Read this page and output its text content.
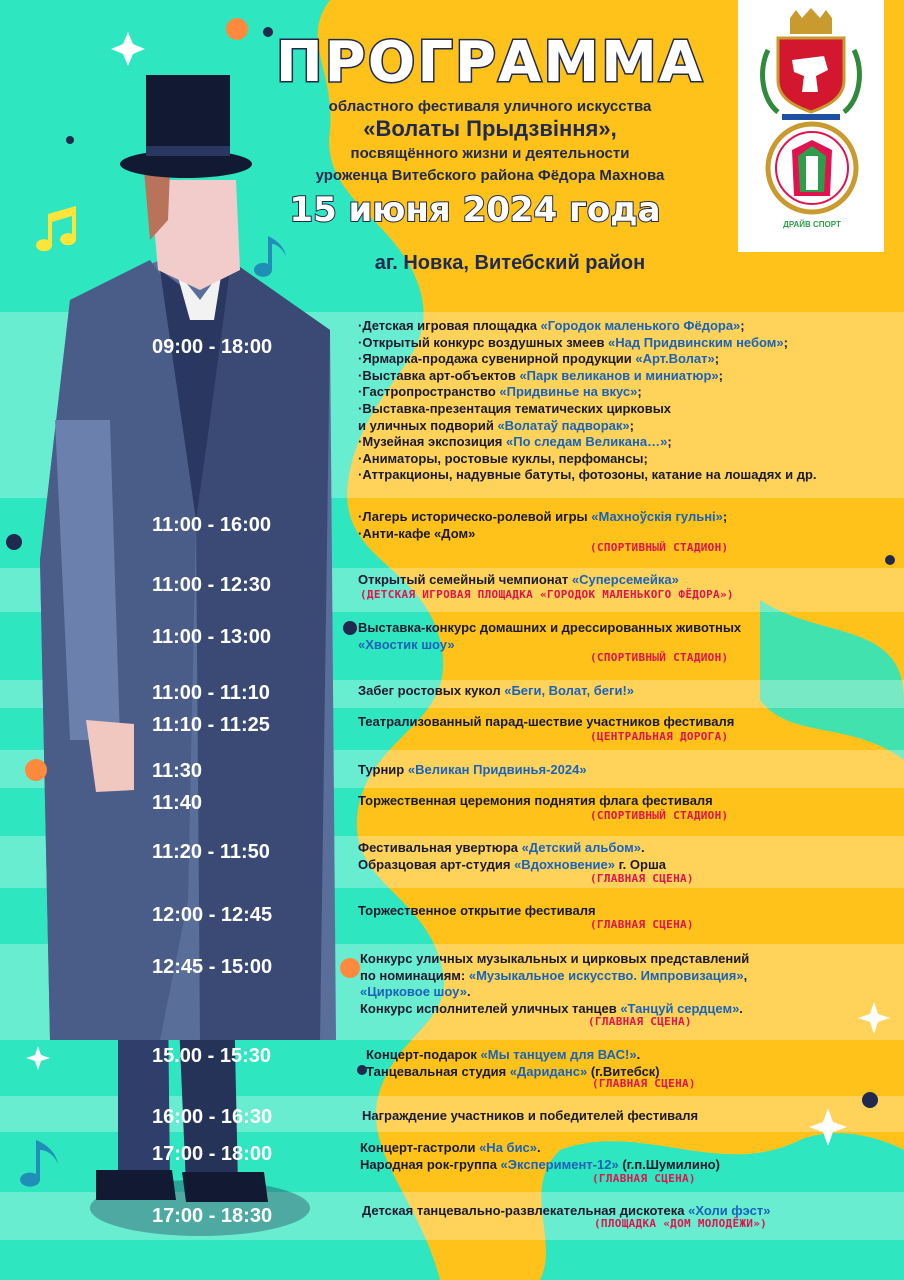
ДРАЙВ СПОРТ
ПРОГРАММА
областного фестиваля уличного искусства
«Волаты Прыдзвіння»,
посвящённого жизни и деятельности
уроженца Витебского района Фёдора Махнова
15 июня 2024 года
аг. Новка, Витебский район
09:00 - 18:00
·Детская игровая площадка «Городок маленького Фёдора»;
·Открытый конкурс воздушных змеев «Над Придвинским небом»;
·Ярмарка-продажа сувенирной продукции «Арт.Волат»;
·Выставка арт-объектов «Парк великанов и миниатюр»;
·Гастропространство «Придвинье на вкус»;
·Выставка-презентация тематических цирковых
и уличных подворий «Волатаў падворак»;
·Музейная экспозиция «По следам Великана…»;
·Аниматоры, ростовые куклы, перфомансы;
·Аттракционы, надувные батуты, фотозоны, катание на лошадях и др.
11:00 - 16:00	·Лагерь историческо-ролевой игры «Махноўскія гульні»;
·Анти-кафе «Дом»
(СПОРТИВНЫЙ СТАДИОН)
11:00 - 12:30	Открытый семейный чемпионат «Суперсемейка»
(ДЕТСКАЯ ИГРОВАЯ ПЛОЩАДКА «ГОРОДОК МАЛЕНЬКОГО ФЁДОРА»)
11:00 - 13:00	Выставка-конкурс домашних и дрессированных животных
«Хвостик шоу»
(СПОРТИВНЫЙ СТАДИОН)
11:00 - 11:10	Забег ростовых кукол «Беги, Волат, беги!»
11:10 - 11:25	Театрализованный парад-шествие участников фестиваля
(ЦЕНТРАЛЬНАЯ ДОРОГА)
11:30	Турнир «Великан Придвинья-2024»
11:40	Торжественная церемония поднятия флага фестиваля
(СПОРТИВНЫЙ СТАДИОН)
11:20 - 11:50	Фестивальная увертюра «Детский альбом».
Образцовая арт-студия «Вдохновение» г. Орша
(ГЛАВНАЯ СЦЕНА)
12:00 - 12:45	Торжественное открытие фестиваля
(ГЛАВНАЯ СЦЕНА)
12:45 - 15:00	Конкурс уличных музыкальных и цирковых представлений
по номинациям: «Музыкальное искусство. Импровизация»,
«Цирковое шоу».
Конкурс исполнителей уличных танцев «Танцуй сердцем».
(ГЛАВНАЯ СЦЕНА)
15.00 - 15:30	Концерт-подарок «Мы танцуем для ВАС!».
Танцевальная студия «Дариданс» (г.Витебск)
(ГЛАВНАЯ СЦЕНА)
16:00 - 16:30	Награждение участников и победителей фестиваля
17:00 - 18:00	Концерт-гастроли «На бис».
Народная рок-группа «Эксперимент-12» (г.п.Шумилино)
(ГЛАВНАЯ СЦЕНА)
17:00 - 18:30	Детская танцевально-развлекательная дискотека «Холи фэст»
(ПЛОЩАДКА «ДОМ МОЛОДЁЖИ»)
